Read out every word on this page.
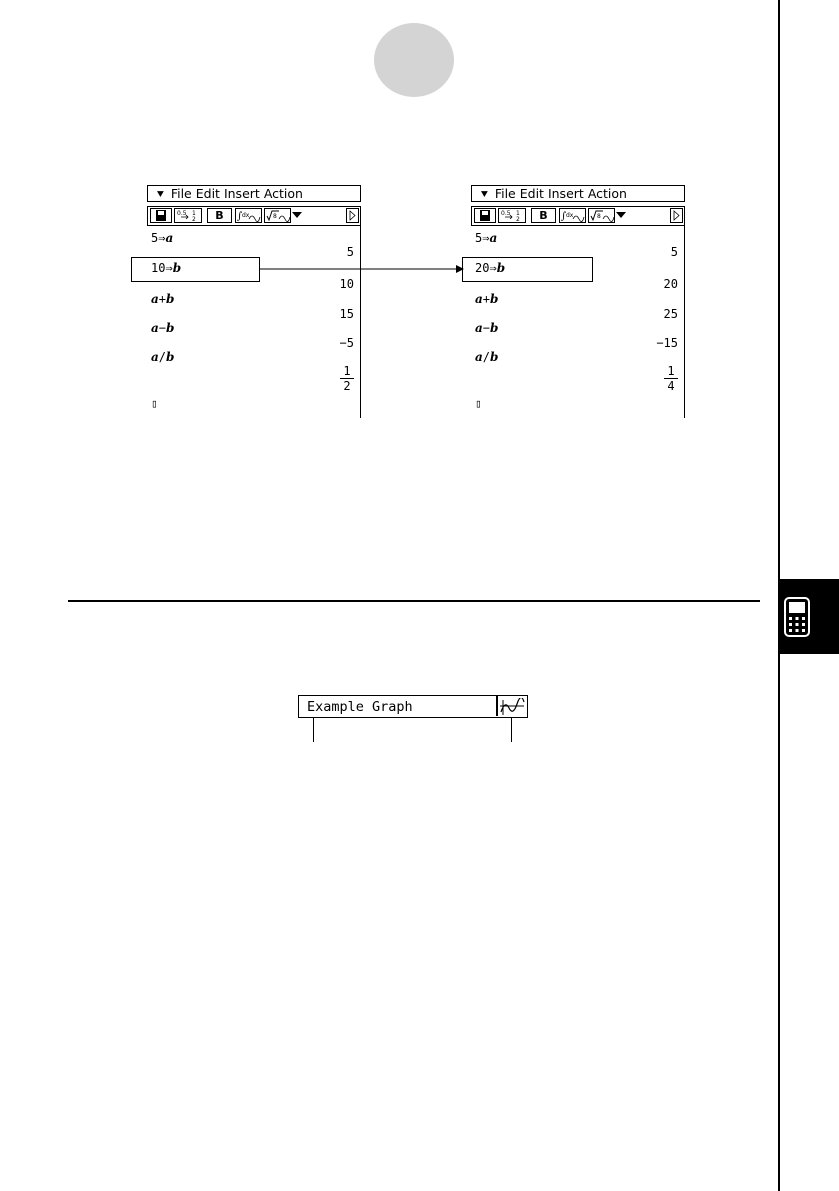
⯆ File Edit Insert Action
0.5 1
2	B	∫ dx	8
5⇒a
5
10⇒b
10
a+b
15
a−b
−5
a/b
1
2
▯
⯆ File Edit Insert Action
0.5 1
2	B	∫ dx	8
5⇒a
5
20⇒b
20
a+b
25
a−b
−15
a/b
1
4
▯
Example Graph
